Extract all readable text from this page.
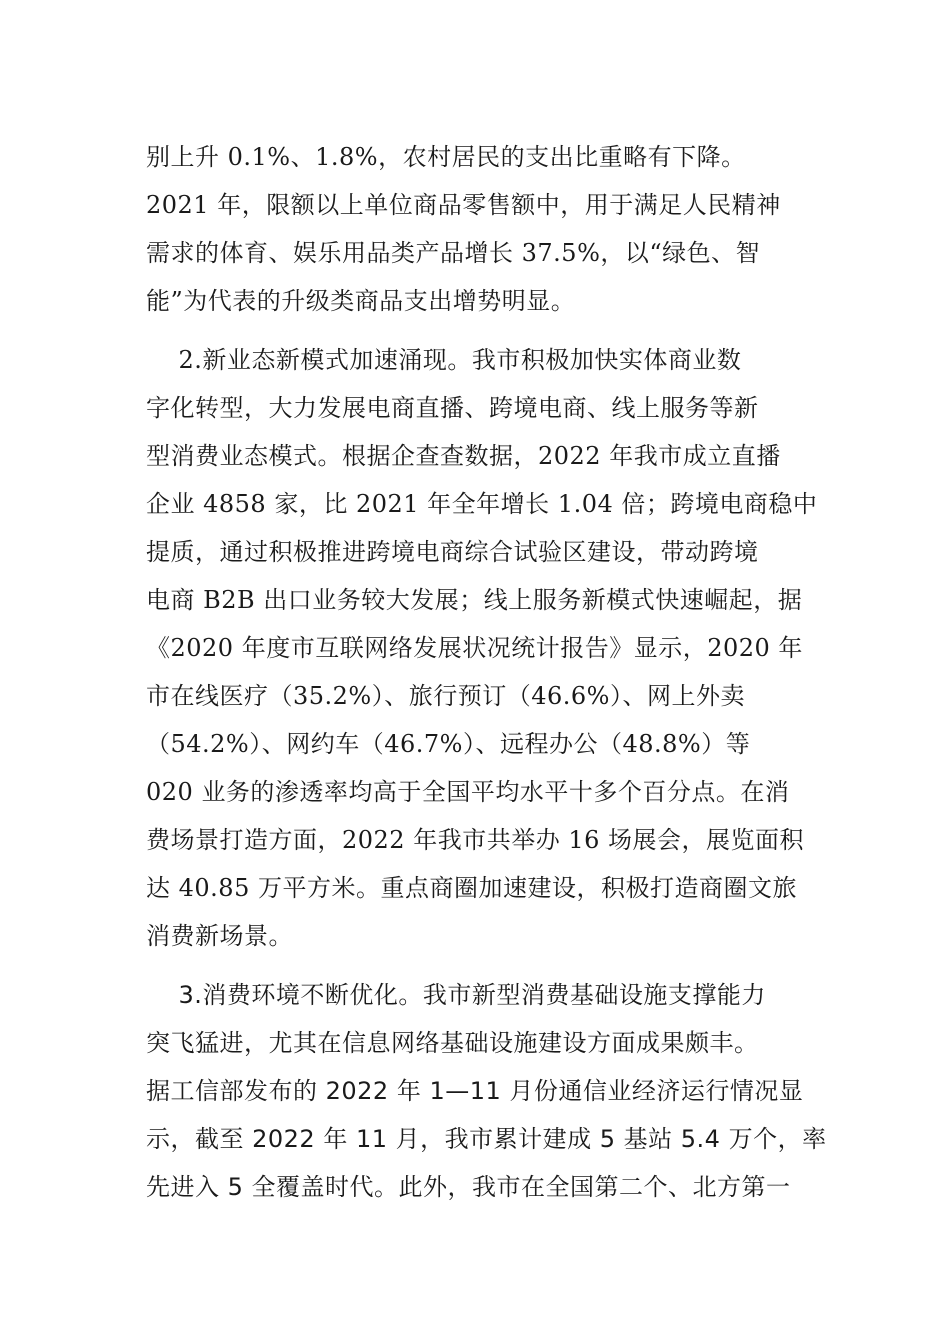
别上升 0.1%、1.8%，农村居民的支出比重略有下降。
2021 年，限额以上单位商品零售额中，用于满足人民精神
需求的体育、娱乐用品类产品增长 37.5%，以“绿色、智
能”为代表的升级类商品支出增势明显。
2.新业态新模式加速涌现。我市积极加快实体商业数
字化转型，大力发展电商直播、跨境电商、线上服务等新
型消费业态模式。根据企查查数据，2022 年我市成立直播
企业 4858 家，比 2021 年全年增长 1.04 倍；跨境电商稳中
提质，通过积极推进跨境电商综合试验区建设，带动跨境
电商 B2B 出口业务较大发展；线上服务新模式快速崛起，据
《2020 年度市互联网络发展状况统计报告》显示，2020 年
市在线医疗（35.2%）、旅行预订（46.6%）、网上外卖
（54.2%）、网约车（46.7%）、远程办公（48.8%）等
020 业务的渗透率均高于全国平均水平十多个百分点。在消
费场景打造方面，2022 年我市共举办 16 场展会，展览面积
达 40.85 万平方米。重点商圈加速建设，积极打造商圈文旅
消费新场景。
3.消费环境不断优化。我市新型消费基础设施支撑能力
突飞猛进，尤其在信息网络基础设施建设方面成果颇丰。
据工信部发布的 2022 年 1—11 月份通信业经济运行情况显
示，截至 2022 年 11 月，我市累计建成 5 基站 5.4 万个，率
先进入 5 全覆盖时代。此外，我市在全国第二个、北方第一
